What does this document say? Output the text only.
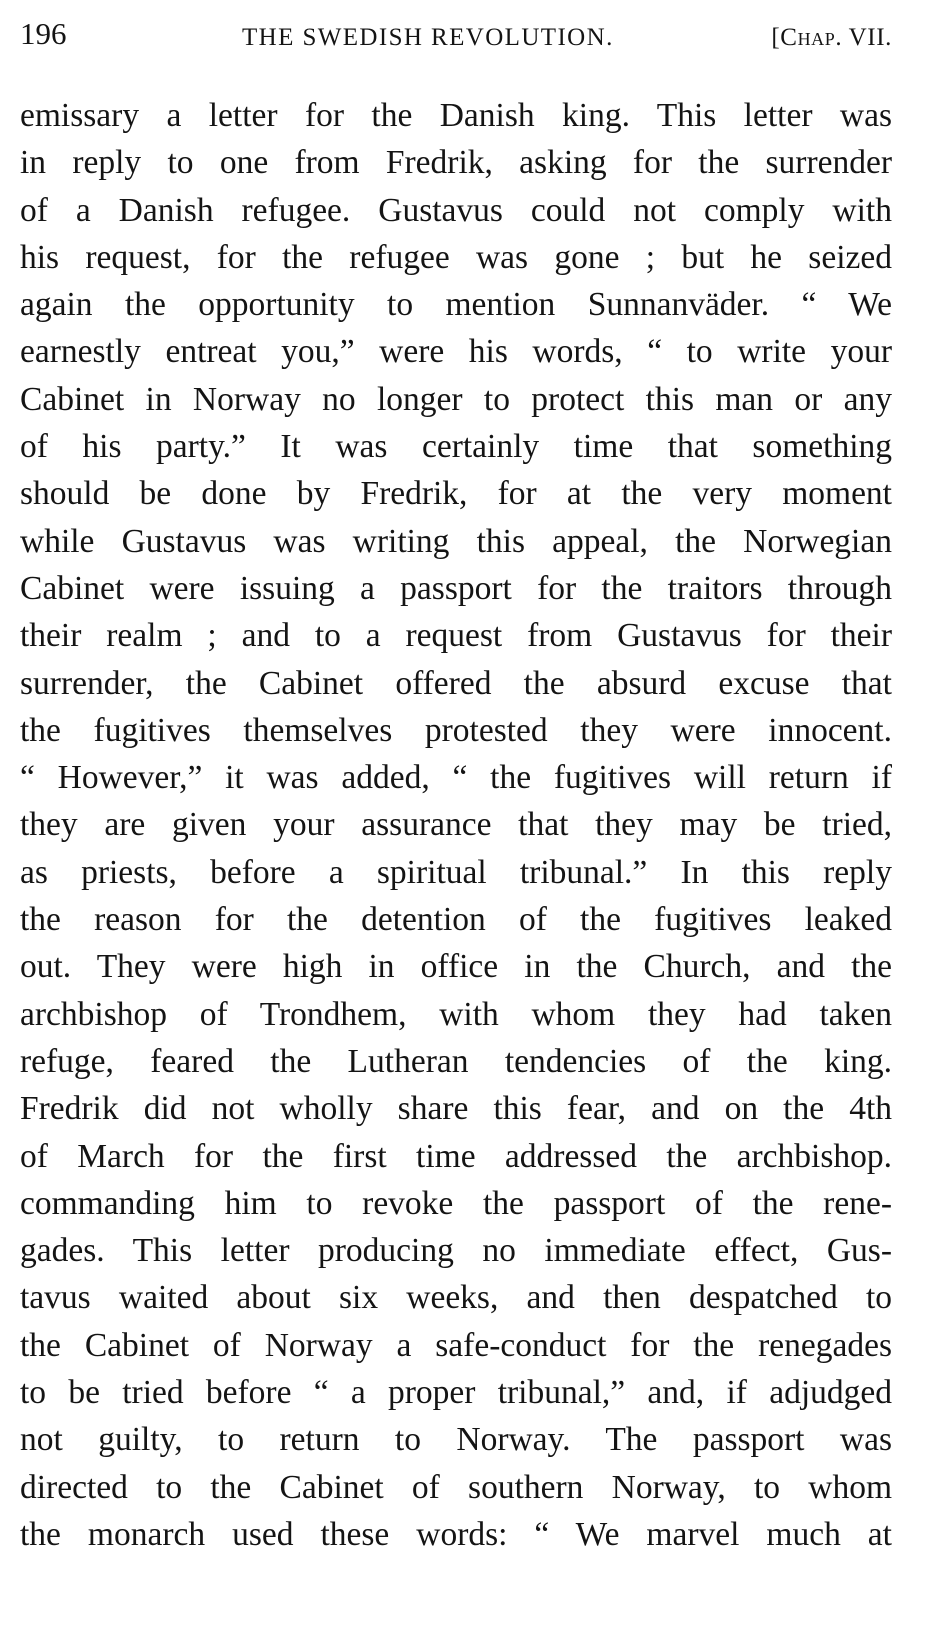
196	THE SWEDISH REVOLUTION.	[Chap. VII.
emissary a letter for the Danish king. This letter was
in reply to one from Fredrik, asking for the surrender
of a Danish refugee. Gustavus could not comply with
his request, for the refugee was gone ; but he seized
again the opportunity to mention Sunnanväder. “ We
earnestly entreat you,” were his words, “ to write your
Cabinet in Norway no longer to protect this man or any
of his party.” It was certainly time that something
should be done by Fredrik, for at the very moment
while Gustavus was writing this appeal, the Norwegian
Cabinet were issuing a passport for the traitors through
their realm ; and to a request from Gustavus for their
surrender, the Cabinet offered the absurd excuse that
the fugitives themselves protested they were innocent.
“ However,” it was added, “ the fugitives will return if
they are given your assurance that they may be tried,
as priests, before a spiritual tribunal.” In this reply
the reason for the detention of the fugitives leaked
out. They were high in office in the Church, and the
archbishop of Trondhem, with whom they had taken
refuge, feared the Lutheran tendencies of the king.
Fredrik did not wholly share this fear, and on the 4th
of March for the first time addressed the archbishop.
commanding him to revoke the passport of the rene-
gades. This letter producing no immediate effect, Gus-
tavus waited about six weeks, and then despatched to
the Cabinet of Norway a safe-conduct for the renegades
to be tried before “ a proper tribunal,” and, if adjudged
not guilty, to return to Norway. The passport was
directed to the Cabinet of southern Norway, to whom
the monarch used these words: “ We marvel much at
